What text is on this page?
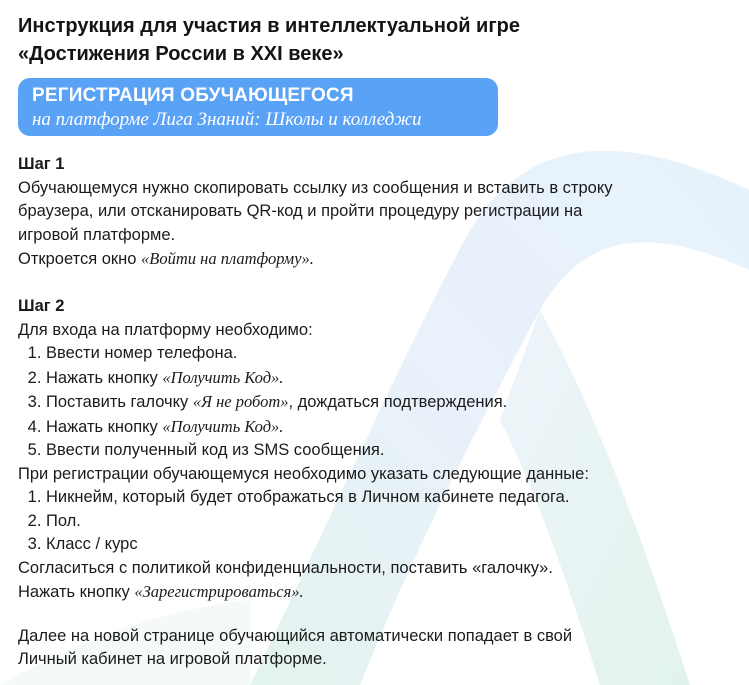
Инструкция для участия в интеллектуальной игре
«Достижения России в XXI веке»
РЕГИСТРАЦИЯ ОБУЧАЮЩЕГОСЯ
на платформе Лига Знаний: Школы и колледжи
Шаг 1
Обучающемуся нужно скопировать ссылку из сообщения и вставить в строку
браузера, или отсканировать QR-код и пройти процедуру регистрации на
игровой платформе.
Откроется окно «Войти на платформу».
Шаг 2
Для входа на платформу необходимо:
1. Ввести номер телефона.
2. Нажать кнопку «Получить Код».
3. Поставить галочку «Я не робот», дождаться подтверждения.
4. Нажать кнопку «Получить Код».
5. Ввести полученный код из SMS сообщения.
При регистрации обучающемуся необходимо указать следующие данные:
1. Никнейм, который будет отображаться в Личном кабинете педагога.
2. Пол.
3. Класс / курс
Согласиться с политикой конфиденциальности, поставить «галочку».
Нажать кнопку «Зарегистрироваться».
Далее на новой странице обучающийся автоматически попадает в свой
Личный кабинет на игровой платформе.
